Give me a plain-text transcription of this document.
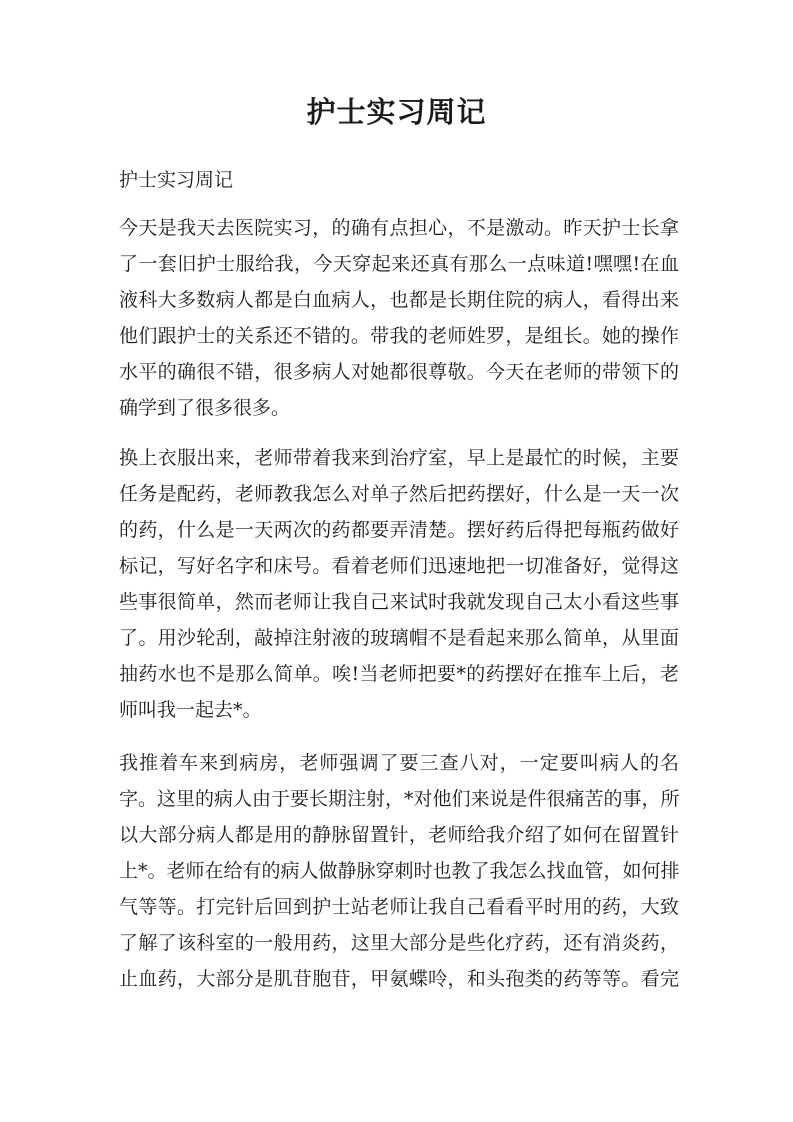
护士实习周记

护士实习周记

今天是我天去医院实习，的确有点担心，不是激动。昨天护士长拿
了一套旧护士服给我，今天穿起来还真有那么一点味道!嘿嘿!在血
液科大多数病人都是白血病人，也都是长期住院的病人，看得出来
他们跟护士的关系还不错的。带我的老师姓罗，是组长。她的操作
水平的确很不错，很多病人对她都很尊敬。今天在老师的带领下的
确学到了很多很多。
换上衣服出来，老师带着我来到治疗室，早上是最忙的时候，主要
任务是配药，老师教我怎么对单子然后把药摆好，什么是一天一次
的药，什么是一天两次的药都要弄清楚。摆好药后得把每瓶药做好
标记，写好名字和床号。看着老师们迅速地把一切准备好，觉得这
些事很简单，然而老师让我自己来试时我就发现自己太小看这些事
了。用沙轮刮，敲掉注射液的玻璃帽不是看起来那么简单，从里面
抽药水也不是那么简单。唉!当老师把要*的药摆好在推车上后，老
师叫我一起去*。
我推着车来到病房，老师强调了要三查八对，一定要叫病人的名
字。这里的病人由于要长期注射，*对他们来说是件很痛苦的事，所
以大部分病人都是用的静脉留置针，老师给我介绍了如何在留置针
上*。老师在给有的病人做静脉穿刺时也教了我怎么找血管，如何排
气等等。打完针后回到护士站老师让我自己看看平时用的药，大致
了解了该科室的一般用药，这里大部分是些化疗药，还有消炎药，
止血药，大部分是肌苷胞苷，甲氨蝶呤，和头孢类的药等等。看完
